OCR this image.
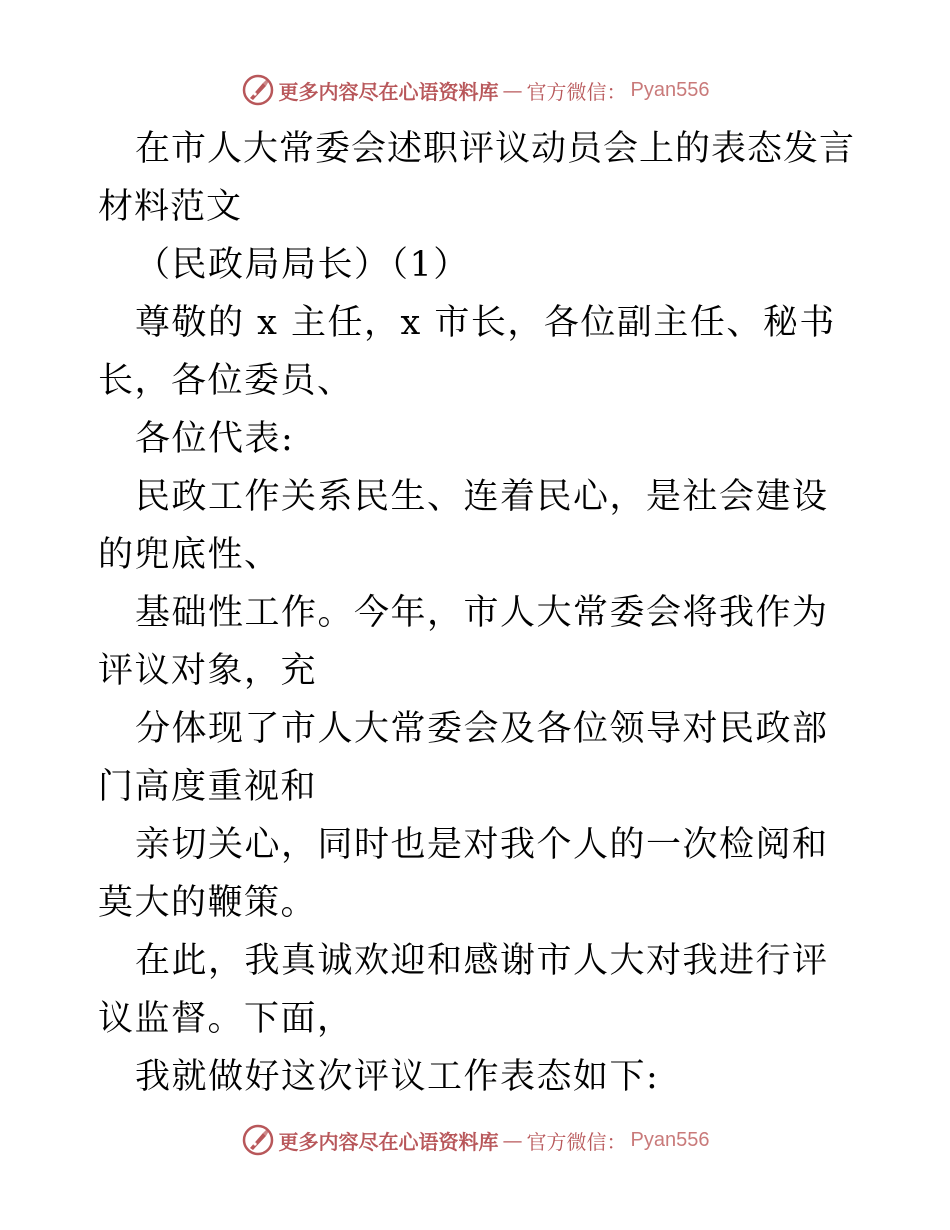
更多内容尽在心语资料库 — 官方微信： Pyan556

在市人大常委会述职评议动员会上的表态发言材料范文

（民政局局长）（1）

尊敬的 x 主任，x 市长，各位副主任、秘书长，各位委员、

各位代表:

民政工作关系民生、连着民心，是社会建设的兜底性、

基础性工作。今年，市人大常委会将我作为评议对象，充

分体现了市人大常委会及各位领导对民政部门高度重视和

亲切关心，同时也是对我个人的一次检阅和莫大的鞭策。

在此，我真诚欢迎和感谢市人大对我进行评议监督。下面，

我就做好这次评议工作表态如下:

更多内容尽在心语资料库 — 官方微信： Pyan556
